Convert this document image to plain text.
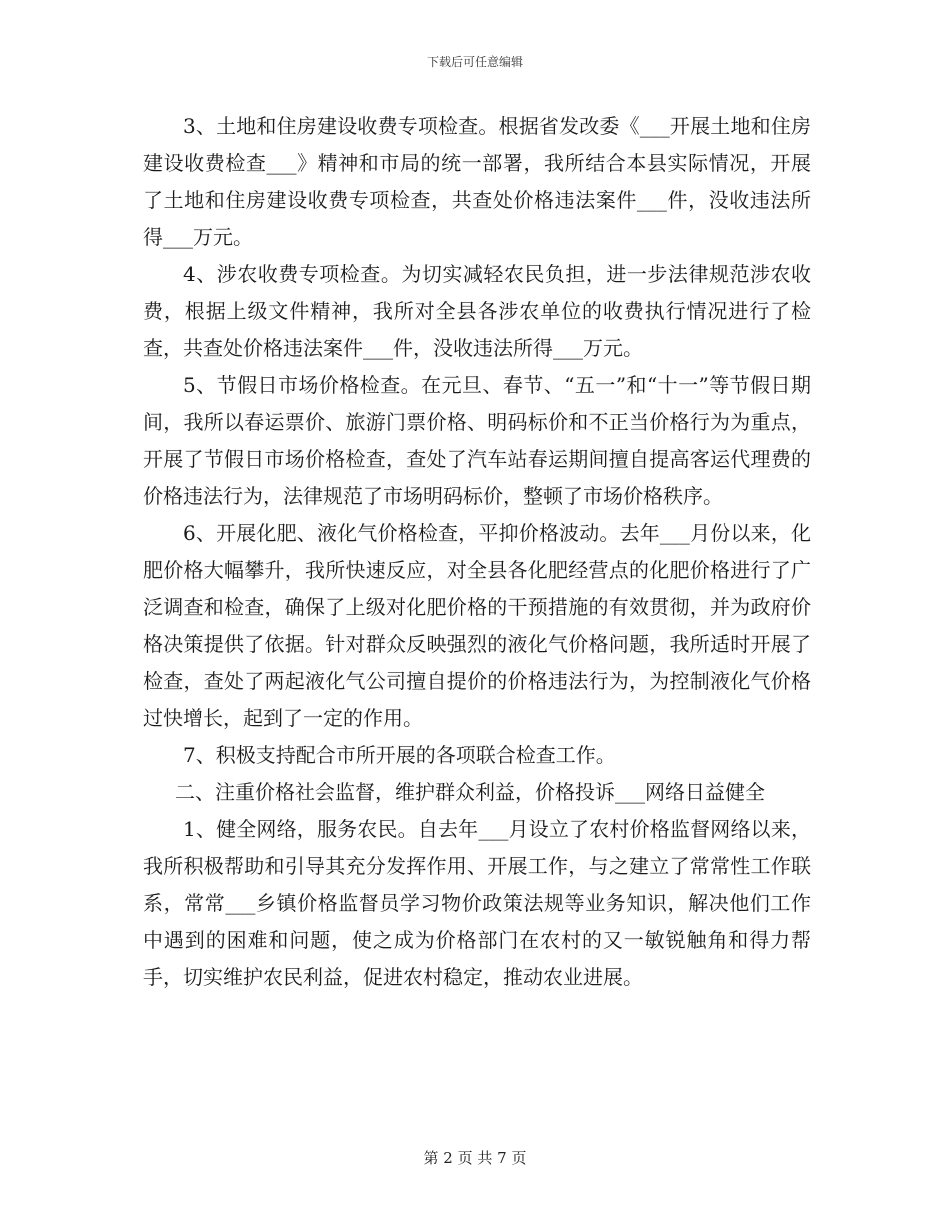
下载后可任意编辑

3、土地和住房建设收费专项检查。根据省发改委《___开展土地和住房建设收费检查___》精神和市局的统一部署，我所结合本县实际情况，开展了土地和住房建设收费专项检查，共查处价格违法案件___件，没收违法所得___万元。

4、涉农收费专项检查。为切实减轻农民负担，进一步法律规范涉农收费，根据上级文件精神，我所对全县各涉农单位的收费执行情况进行了检查，共查处价格违法案件___件，没收违法所得___万元。

5、节假日市场价格检查。在元旦、春节、“五一”和“十一”等节假日期间，我所以春运票价、旅游门票价格、明码标价和不正当价格行为为重点，开展了节假日市场价格检查，查处了汽车站春运期间擅自提高客运代理费的价格违法行为，法律规范了市场明码标价，整顿了市场价格秩序。

6、开展化肥、液化气价格检查，平抑价格波动。去年___月份以来，化肥价格大幅攀升，我所快速反应，对全县各化肥经营点的化肥价格进行了广泛调查和检查，确保了上级对化肥价格的干预措施的有效贯彻，并为政府价格决策提供了依据。针对群众反映强烈的液化气价格问题，我所适时开展了检查，查处了两起液化气公司擅自提价的价格违法行为，为控制液化气价格过快增长，起到了一定的作用。

7、积极支持配合市所开展的各项联合检查工作。

二、注重价格社会监督，维护群众利益，价格投诉___网络日益健全

1、健全网络，服务农民。自去年___月设立了农村价格监督网络以来，我所积极帮助和引导其充分发挥作用、开展工作，与之建立了常常性工作联系，常常___乡镇价格监督员学习物价政策法规等业务知识，解决他们工作中遇到的困难和问题，使之成为价格部门在农村的又一敏锐触角和得力帮手，切实维护农民利益，促进农村稳定，推动农业进展。

第 2 页 共 7 页
